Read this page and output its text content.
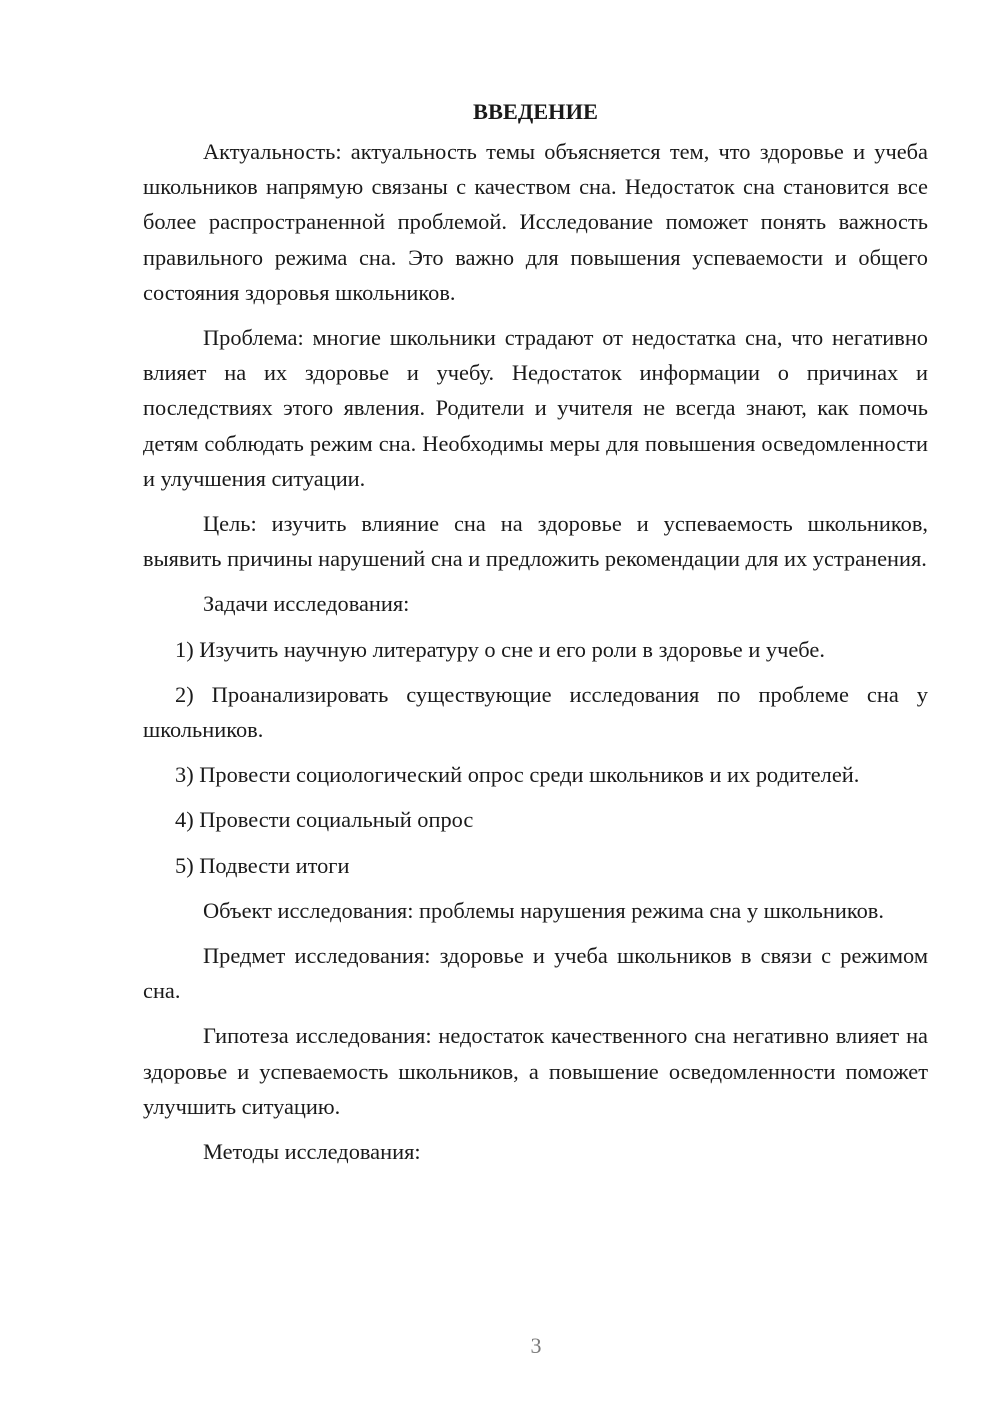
ВВЕДЕНИЕ

Актуальность: актуальность темы объясняется тем, что здоровье и учеба школьников напрямую связаны с качеством сна. Недостаток сна становится все более распространенной проблемой. Исследование поможет понять важность правильного режима сна. Это важно для повышения успеваемости и общего состояния здоровья школьников.

Проблема: многие школьники страдают от недостатка сна, что негативно влияет на их здоровье и учебу. Недостаток информации о причинах и последствиях этого явления. Родители и учителя не всегда знают, как помочь детям соблюдать режим сна. Необходимы меры для повышения осведомленности и улучшения ситуации.

Цель: изучить влияние сна на здоровье и успеваемость школьников, выявить причины нарушений сна и предложить рекомендации для их устранения.

Задачи исследования:

1) Изучить научную литературу о сне и его роли в здоровье и учебе.

2) Проанализировать существующие исследования по проблеме сна у школьников.

3) Провести социологический опрос среди школьников и их родителей.

4) Провести социальный опрос

5) Подвести итоги

Объект исследования: проблемы нарушения режима сна у школьников.

Предмет исследования: здоровье и учеба школьников в связи с режимом сна.

Гипотеза исследования: недостаток качественного сна негативно влияет на здоровье и успеваемость школьников, а повышение осведомленности поможет улучшить ситуацию.

Методы исследования:

3
